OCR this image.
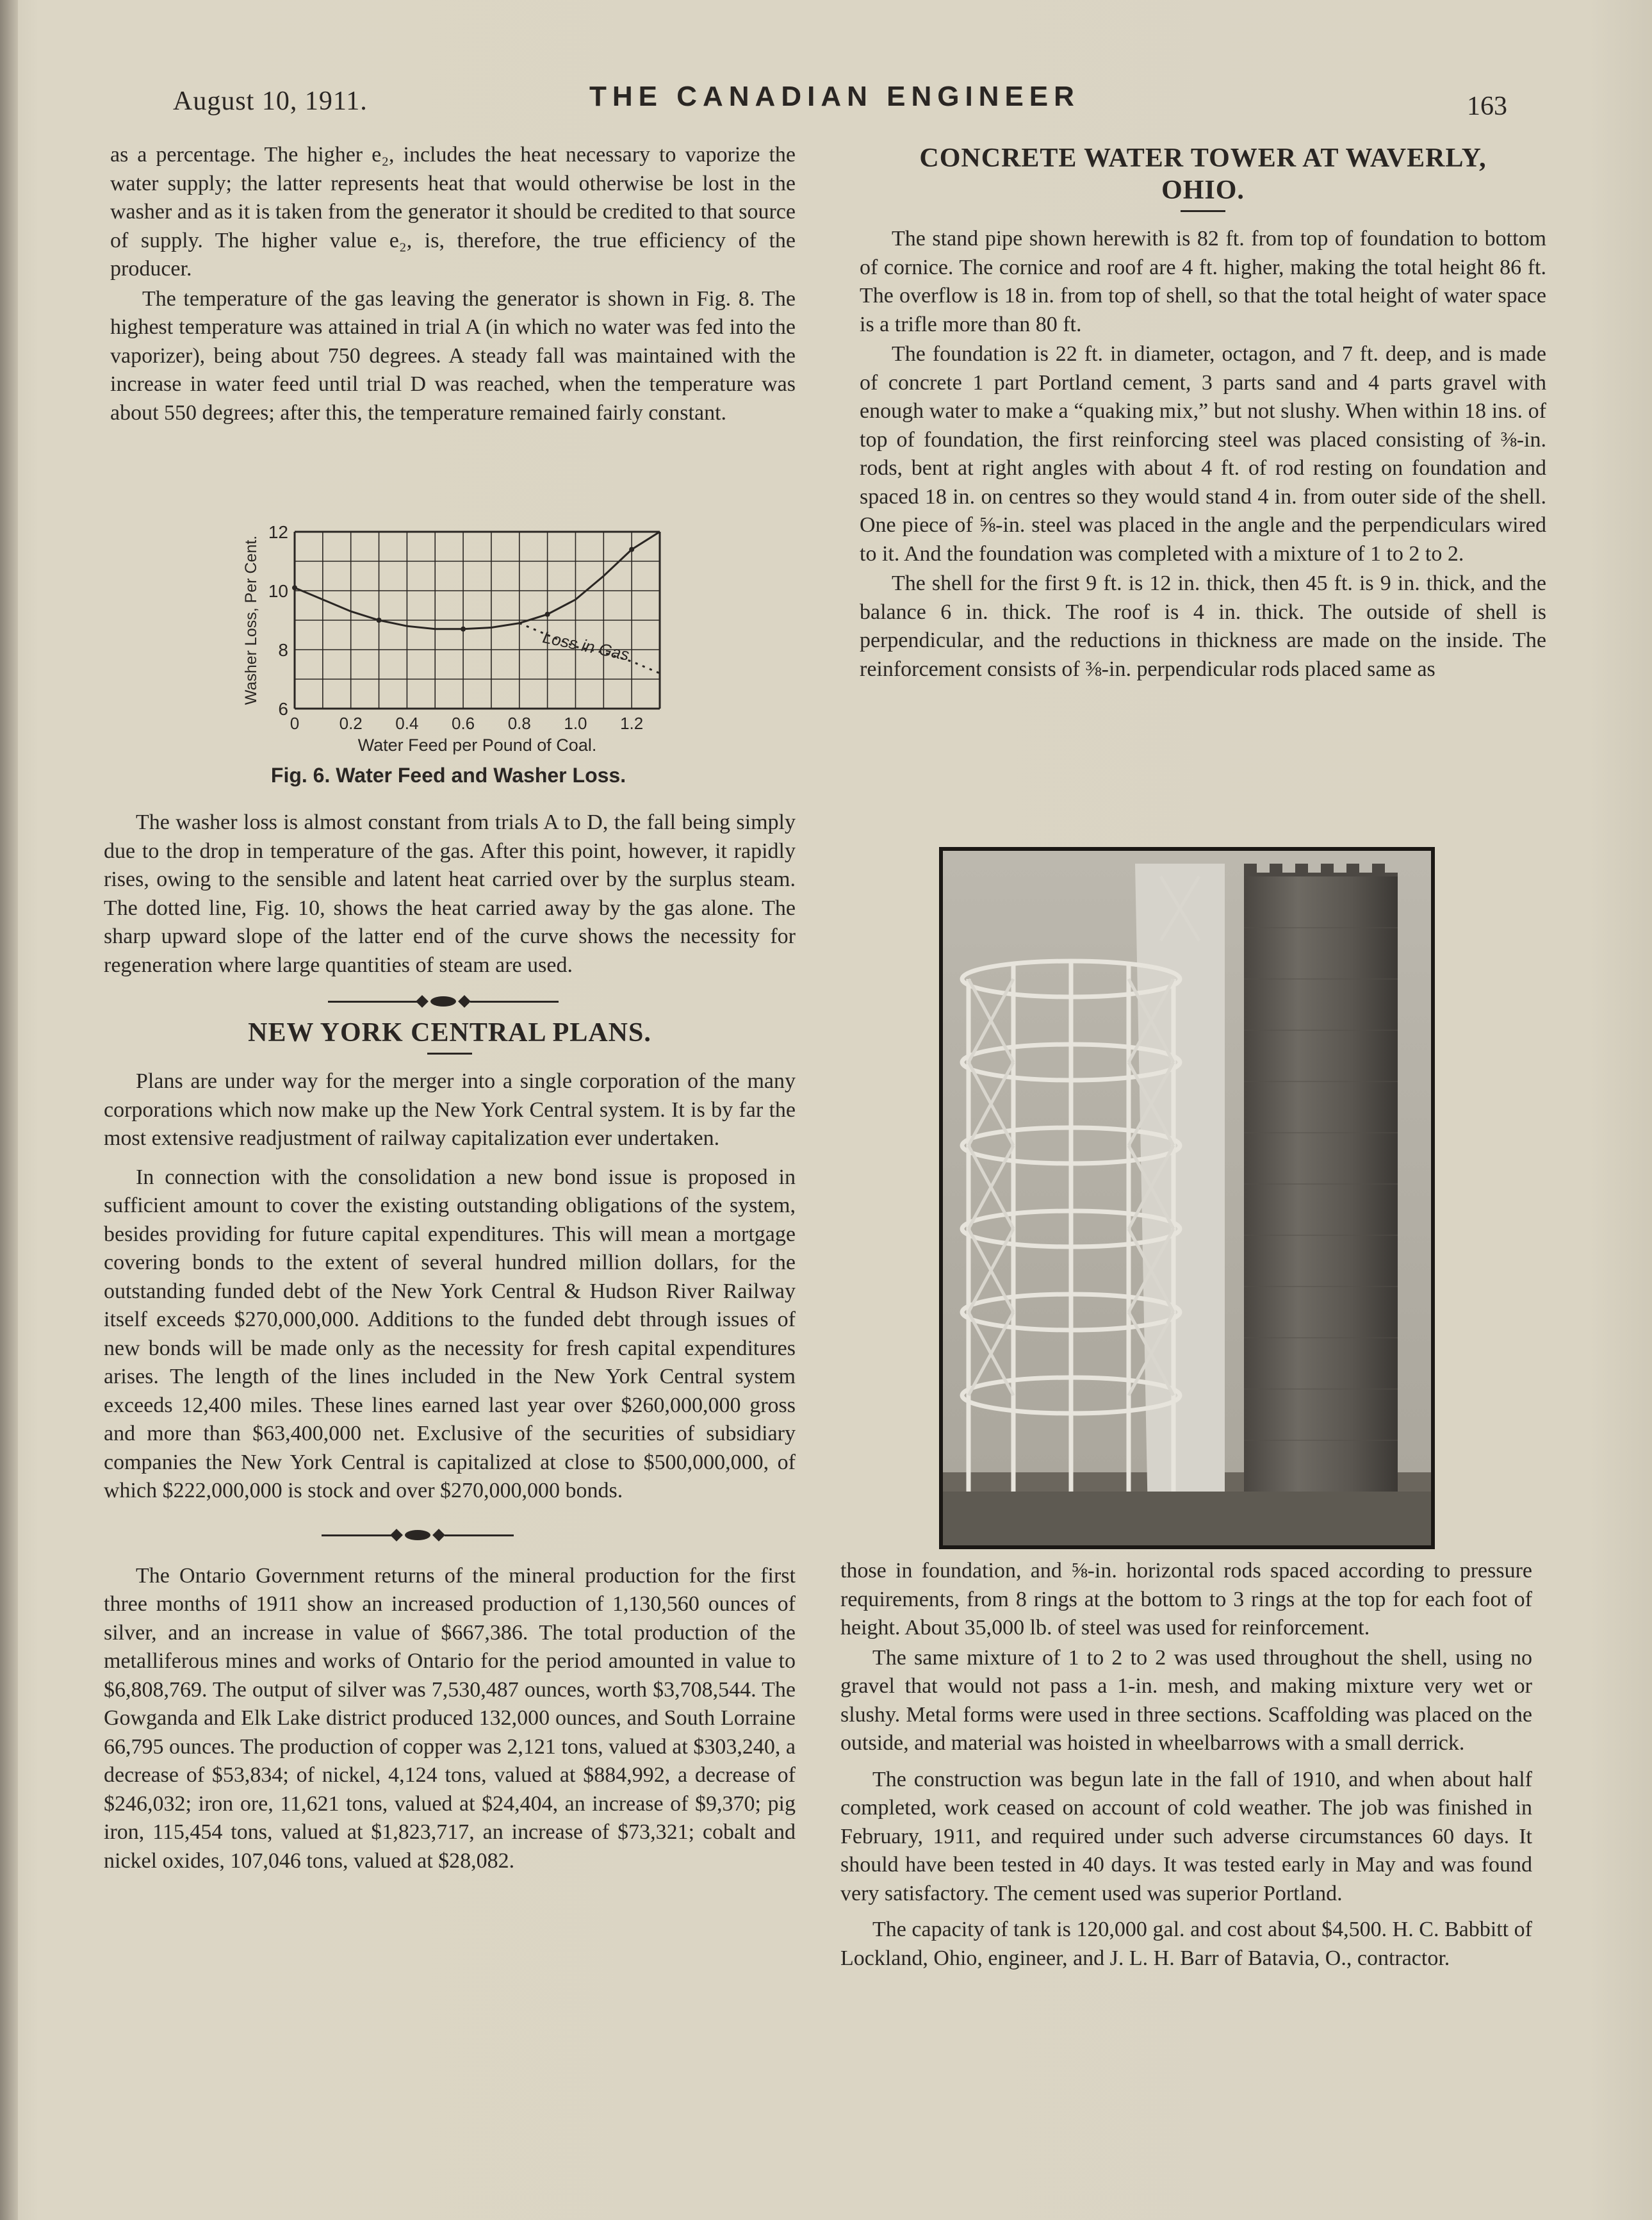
August 10, 1911.	THE CANADIAN ENGINEER	163

as a percentage. The higher e₂, includes the heat necessary to vaporize the water supply; the latter represents heat that would otherwise be lost in the washer and as it is taken from the generator it should be credited to that source of supply. The higher value e₂, is, therefore, the true efficiency of the producer.

The temperature of the gas leaving the generator is shown in Fig. 8. The highest temperature was attained in trial A (in which no water was fed into the vaporizer), being about 750 degrees. A steady fall was maintained with the increase in water feed until trial D was reached, when the temperature was about 550 degrees; after this, the temperature remained fairly constant.

6
8
10
12
0 0.2 0.4 0.6 0.8 1.0 1.2
Water Feed per Pound of Coal.
Washer Loss, Per Cent.	Loss in Gas
Fig. 6. Water Feed and Washer Loss.

The washer loss is almost constant from trials A to D, the fall being simply due to the drop in temperature of the gas. After this point, however, it rapidly rises, owing to the sensible and latent heat carried over by the surplus steam. The dotted line, Fig. 10, shows the heat carried away by the gas alone. The sharp upward slope of the latter end of the curve shows the necessity for regeneration where large quantities of steam are used.

NEW YORK CENTRAL PLANS.

Plans are under way for the merger into a single corporation of the many corporations which now make up the New York Central system. It is by far the most extensive readjustment of railway capitalization ever undertaken.

In connection with the consolidation a new bond issue is proposed in sufficient amount to cover the existing outstanding obligations of the system, besides providing for future capital expenditures. This will mean a mortgage covering bonds to the extent of several hundred million dollars, for the outstanding funded debt of the New York Central & Hudson River Railway itself exceeds $270,000,000. Additions to the funded debt through issues of new bonds will be made only as the necessity for fresh capital expenditures arises. The length of the lines included in the New York Central system exceeds 12,400 miles. These lines earned last year over $260,000,000 gross and more than $63,400,000 net. Exclusive of the securities of subsidiary companies the New York Central is capitalized at close to $500,000,000, of which $222,000,000 is stock and over $270,000,000 bonds.

The Ontario Government returns of the mineral production for the first three months of 1911 show an increased production of 1,130,560 ounces of silver, and an increase in value of $667,386. The total production of the metalliferous mines and works of Ontario for the period amounted in value to $6,808,769. The output of silver was 7,530,487 ounces, worth $3,708,544. The Gowganda and Elk Lake district produced 132,000 ounces, and South Lorraine 66,795 ounces. The production of copper was 2,121 tons, valued at $303,240, a decrease of $53,834; of nickel, 4,124 tons, valued at $884,992, a decrease of $246,032; iron ore, 11,621 tons, valued at $24,404, an increase of $9,370; pig iron, 115,454 tons, valued at $1,823,717, an increase of $73,321; cobalt and nickel oxides, 107,046 tons, valued at $28,082.

CONCRETE WATER TOWER AT WAVERLY, OHIO.

The stand pipe shown herewith is 82 ft. from top of foundation to bottom of cornice. The cornice and roof are 4 ft. higher, making the total height 86 ft. The overflow is 18 in. from top of shell, so that the total height of water space is a trifle more than 80 ft.

The foundation is 22 ft. in diameter, octagon, and 7 ft. deep, and is made of concrete 1 part Portland cement, 3 parts sand and 4 parts gravel with enough water to make a “quaking mix,” but not slushy. When within 18 ins. of top of foundation, the first reinforcing steel was placed consisting of ⅜-in. rods, bent at right angles with about 4 ft. of rod resting on foundation and spaced 18 in. on centres so they would stand 4 in. from outer side of the shell. One piece of ⅝-in. steel was placed in the angle and the perpendiculars wired to it. And the foundation was completed with a mixture of 1 to 2 to 2.

The shell for the first 9 ft. is 12 in. thick, then 45 ft. is 9 in. thick, and the balance 6 in. thick. The roof is 4 in. thick. The outside of shell is perpendicular, and the reductions in thickness are made on the inside. The reinforcement consists of ⅜-in. perpendicular rods placed same as

those in foundation, and ⅝-in. horizontal rods spaced according to pressure requirements, from 8 rings at the bottom to 3 rings at the top for each foot of height. About 35,000 lb. of steel was used for reinforcement.

The same mixture of 1 to 2 to 2 was used throughout the shell, using no gravel that would not pass a 1-in. mesh, and making mixture very wet or slushy. Metal forms were used in three sections. Scaffolding was placed on the outside, and material was hoisted in wheelbarrows with a small derrick.

The construction was begun late in the fall of 1910, and when about half completed, work ceased on account of cold weather. The job was finished in February, 1911, and required under such adverse circumstances 60 days. It should have been tested in 40 days. It was tested early in May and was found very satisfactory. The cement used was superior Portland.

The capacity of tank is 120,000 gal. and cost about $4,500. H. C. Babbitt of Lockland, Ohio, engineer, and J. L. H. Barr of Batavia, O., contractor.
